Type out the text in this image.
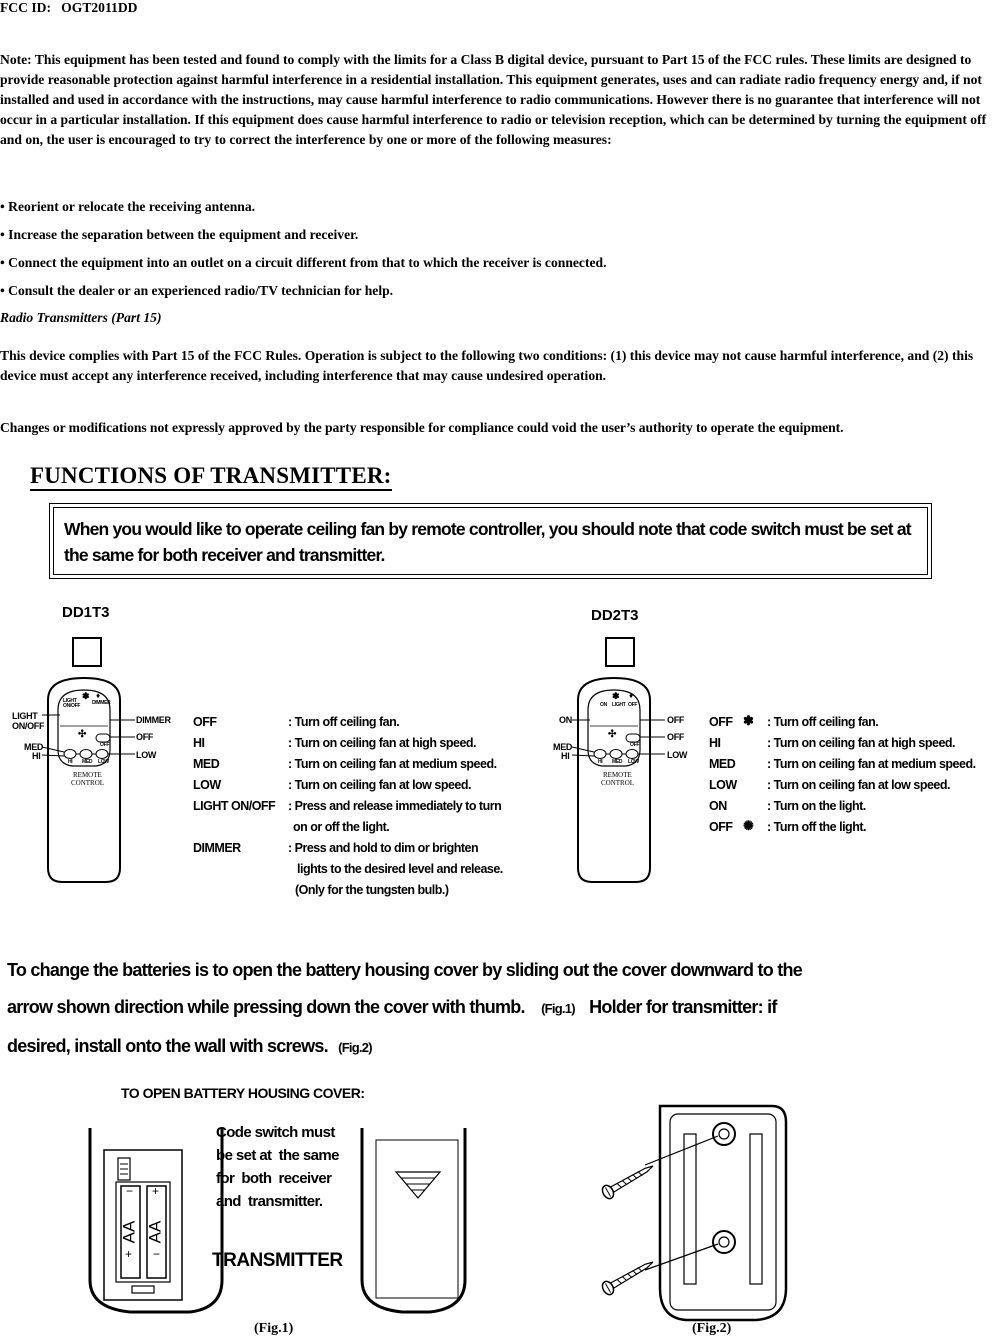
FCC ID:   OGT2011DD
Note: This equipment has been tested and found to comply with the limits for a Class B digital device, pursuant to Part 15 of the FCC rules. These limits are designed to provide reasonable protection against harmful interference in a residential installation. This equipment generates, uses and can radiate radio frequency energy and, if not installed and used in accordance with the instructions, may cause harmful interference to radio communications. However there is no guarantee that interference will not occur in a particular installation. If this equipment does cause harmful interference to radio or television reception, which can be determined by turning the equipment off and on, the user is encouraged to try to correct the interference by one or more of the following measures:
• Reorient or relocate the receiving antenna.
• Increase the separation between the equipment and receiver.
• Connect the equipment into an outlet on a circuit different from that to which the receiver is connected.
• Consult the dealer or an experienced radio/TV technician for help.
Radio Transmitters (Part 15)
This device complies with Part 15 of the FCC Rules. Operation is subject to the following two conditions: (1) this device may not cause harmful interference, and (2) this device must accept any interference received, including interference that may cause undesired operation.
Changes or modifications not expressly approved by the party responsible for compliance could void the user’s authority to operate the equipment.
FUNCTIONS OF TRANSMITTER:
When you would like to operate ceiling fan by remote controller, you should note that code switch must be set at the same for both receiver and transmitter.
DD1T3
LIGHT ON/OFF
✽ ♦
DIMMER
✣
OFF
HI MED LOW
REMOTE
CONTROL
LIGHT ON/OFF
MED
HI
DIMMER
OFF
LOW
OFF	: Turn off ceiling fan.
HI	: Turn on ceiling fan at high speed.
MED	: Turn on ceiling fan at medium speed.
LOW	: Turn on ceiling fan at low speed.
LIGHT ON/OFF : Press and release immediately to turn
on or off the light.
DIMMER	: Press and hold to dim or brighten
lights to the desired level and release.
(Only for the tungsten bulb.)
DD2T3
ON
✽ ♦
LIGHT OFF
✣
OFF
HI MED LOW
REMOTE
CONTROL
ON
MED
HI
OFF
OFF
LOW
OFF ✽ : Turn off ceiling fan.
HI	: Turn on ceiling fan at high speed.
MED	: Turn on ceiling fan at medium speed.
LOW : Turn on ceiling fan at low speed.
ON	: Turn on the light.
OFF ✺ : Turn off the light.
To change the batteries is to open the battery housing cover by sliding out the cover downward to the
arrow shown direction while pressing down the cover with thumb. (Fig.1) Holder for transmitter: if
desired, install onto the wall with screws. (Fig.2)
TO OPEN BATTERY HOUSING COVER:
−
+
+
−
AA AA
Code switch must
be set at  the same
for  both  receiver
and  transmitter.
TRANSMITTER
(Fig.1)	(Fig.2)
